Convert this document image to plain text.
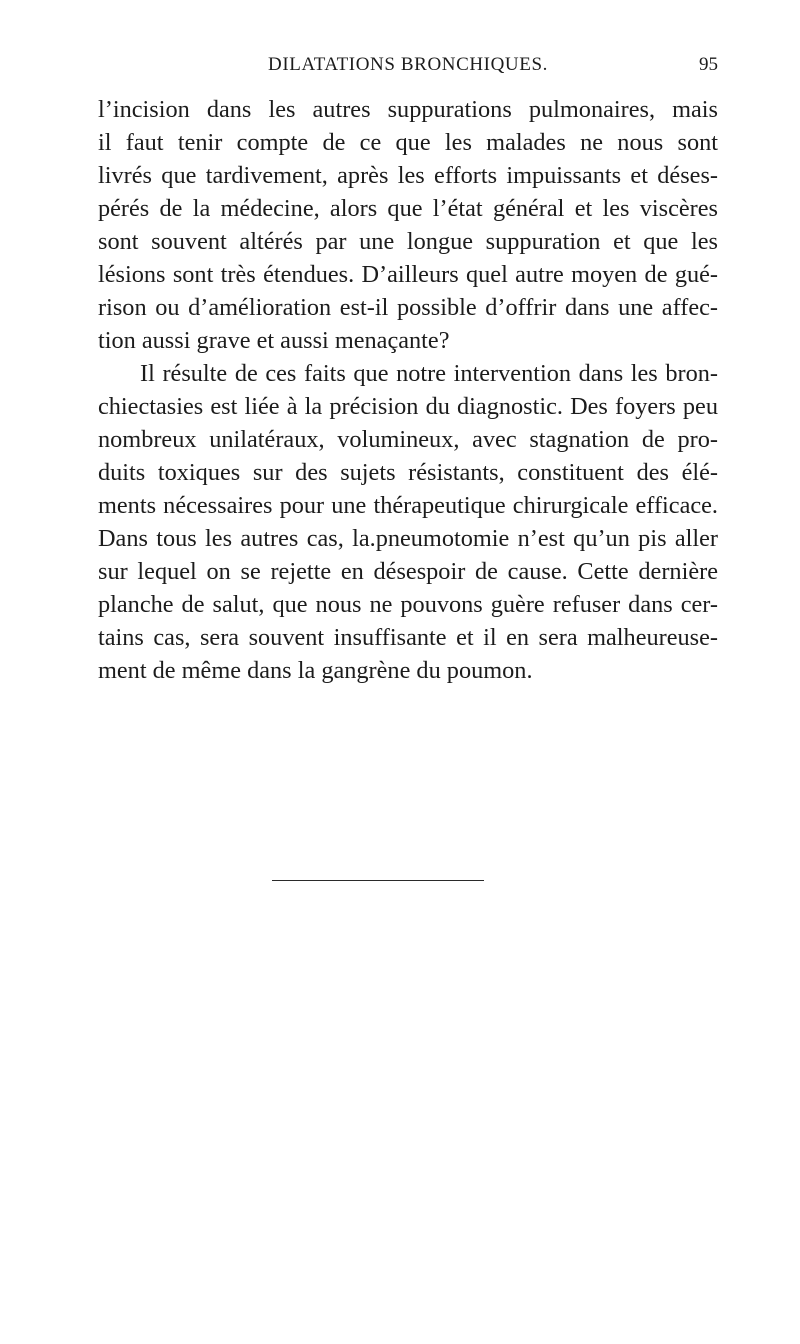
DILATATIONS BRONCHIQUES.	95
l’incision dans les autres suppurations pulmonaires, mais
il faut tenir compte de ce que les malades ne nous sont
livrés que tardivement, après les efforts impuissants et déses-
pérés de la médecine, alors que l’état général et les viscères
sont souvent altérés par une longue suppuration et que les
lésions sont très étendues. D’ailleurs quel autre moyen de gué-
rison ou d’amélioration est-il possible d’offrir dans une affec-
tion aussi grave et aussi menaçante?
Il résulte de ces faits que notre intervention dans les bron-
chiectasies est liée à la précision du diagnostic. Des foyers peu
nombreux unilatéraux, volumineux, avec stagnation de pro-
duits toxiques sur des sujets résistants, constituent des élé-
ments nécessaires pour une thérapeutique chirurgicale efficace.
Dans tous les autres cas, la.pneumotomie n’est qu’un pis aller
sur lequel on se rejette en désespoir de cause. Cette dernière
planche de salut, que nous ne pouvons guère refuser dans cer-
tains cas, sera souvent insuffisante et il en sera malheureuse-
ment de même dans la gangrène du poumon.
